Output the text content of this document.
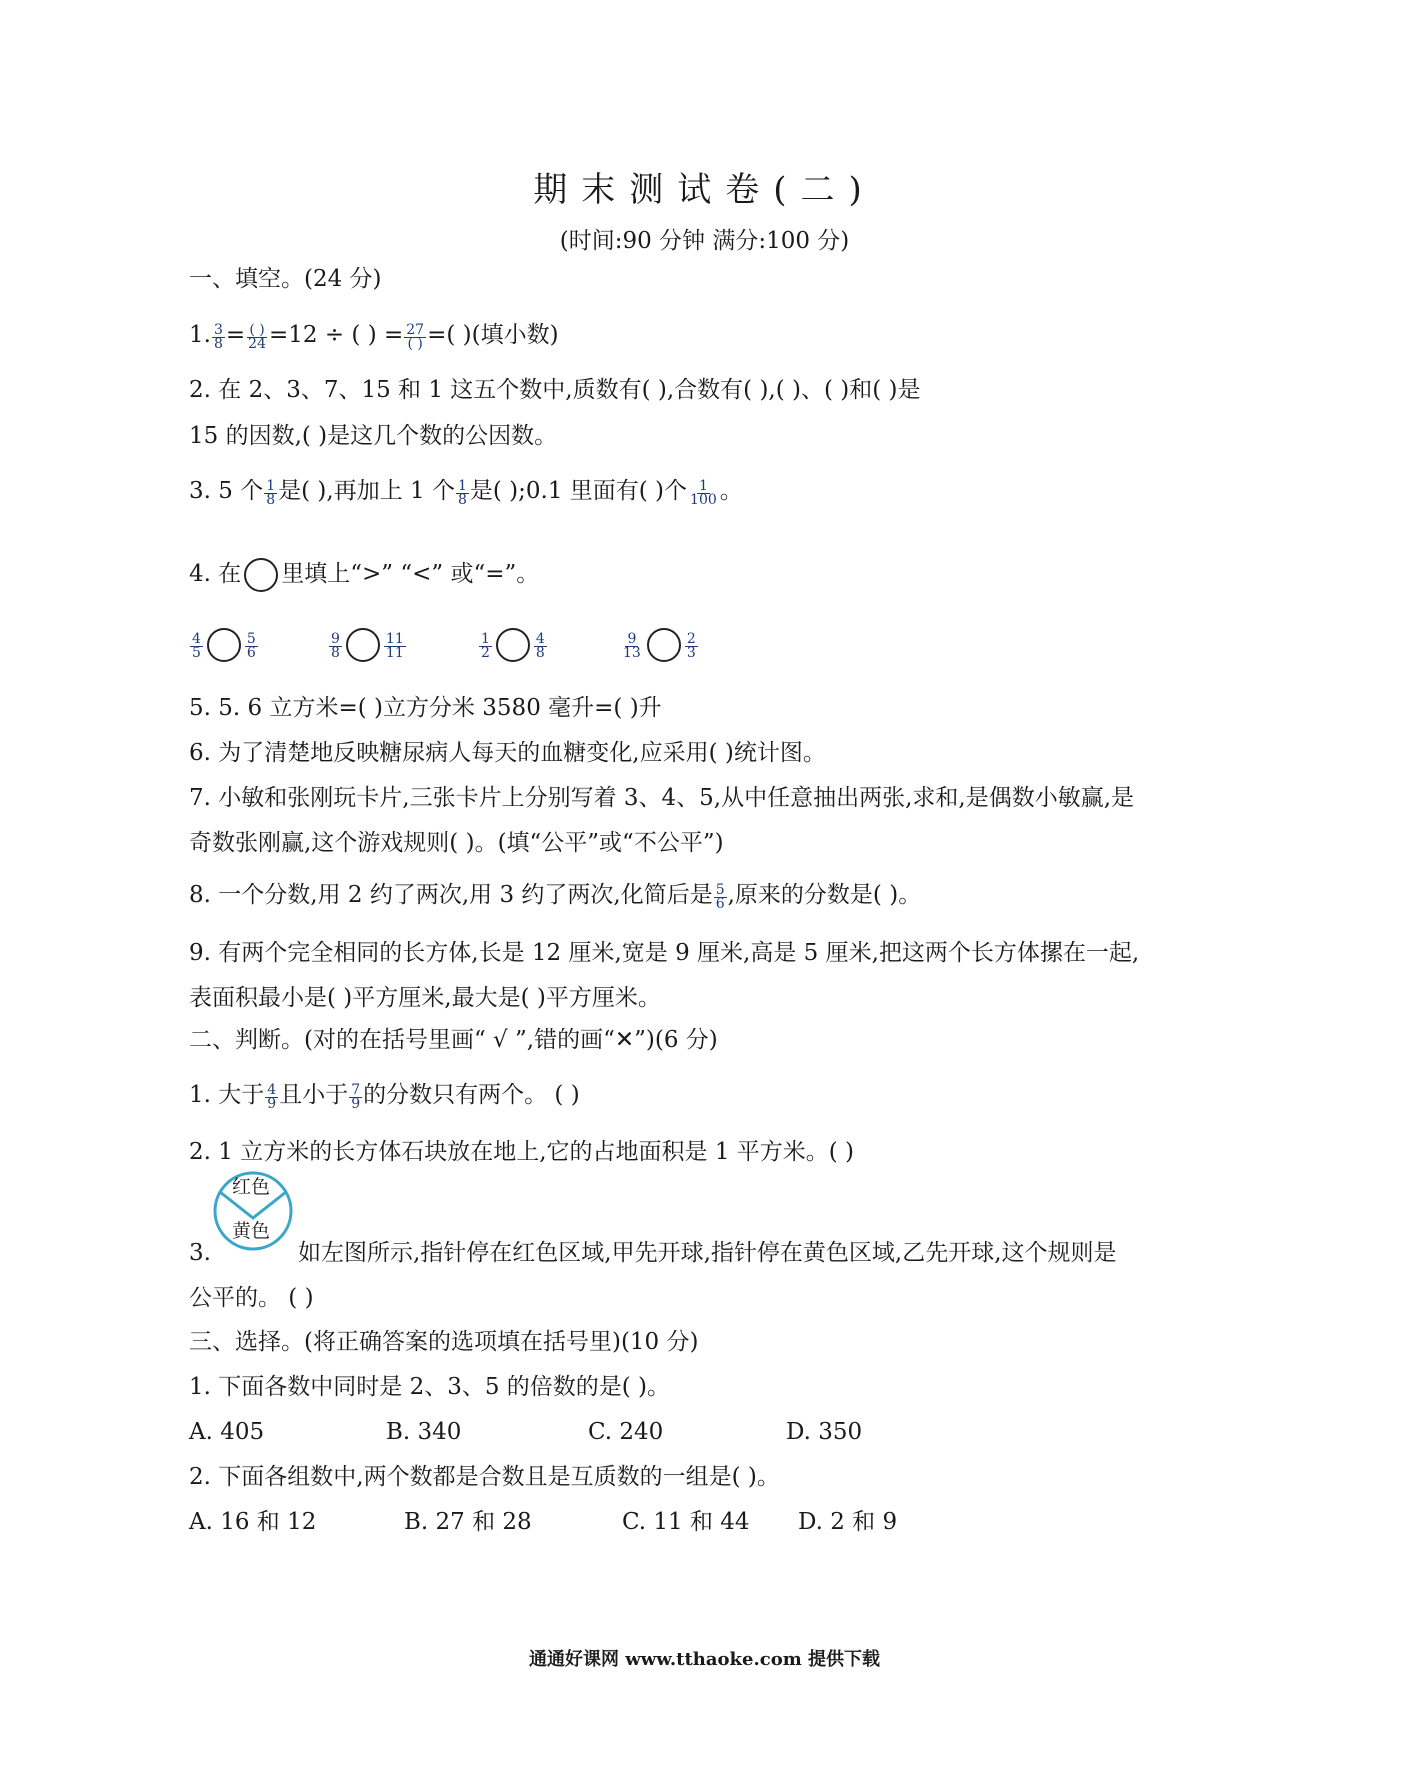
期末测试卷(二)
(时间:90 分钟 满分:100 分)
一、填空。(24 分)
1. $\frac{3}{8} = \frac{( )}{24} =12$ ÷ ( ) = $\frac{27}{( )}$ =( )(填小数)
2. 在 2、3、7、15 和 1 这五个数中,质数有( ),合数有( ),( )、( )和( )是
15 的因数,( )是这几个数的公因数。
3. 5 个 $\frac{1}{8}$ 是( ),再加上 1 个 $\frac{1}{8}$ 是( );0.1 里面有( )个 $\frac{1}{100}$ 。
4. 在 里填上“>” “<” 或“=”。
$\frac{4}{5}$	$\frac{5}{6}$	$\frac{9}{8}$	$\frac{11}{11}$	$\frac{1}{2}$	$\frac{4}{8}$	$\frac{9}{13}$	$\frac{2}{3}$
5. 5. 6 立方米=( )立方分米 3580 毫升=( )升
6. 为了清楚地反映糖尿病人每天的血糖变化,应采用( )统计图。
7. 小敏和张刚玩卡片,三张卡片上分别写着 3、4、5,从中任意抽出两张,求和,是偶数小敏赢,是
奇数张刚赢,这个游戏规则( )。(填“公平”或“不公平”)
8. 一个分数,用 2 约了两次,用 3 约了两次,化简后是 $\frac{5}{6}$ ,原来的分数是( )。
9. 有两个完全相同的长方体,长是 12 厘米,宽是 9 厘米,高是 5 厘米,把这两个长方体摞在一起,
表面积最小是( )平方厘米,最大是( )平方厘米。
二、判断。(对的在括号里画“ √ ”,错的画“✕”)(6 分)
1. 大于 $\frac{4}{9}$ 且小于 $\frac{7}{9}$ 的分数只有两个。 ( )
2. 1 立方米的长方体石块放在地上,它的占地面积是 1 平方米。( )
3.
红色
黄色
如左图所示,指针停在红色区域,甲先开球,指针停在黄色区域,乙先开球,这个规则是
公平的。 ( )
三、选择。(将正确答案的选项填在括号里)(10 分)
1. 下面各数中同时是 2、3、5 的倍数的是( )。
A. 405	B. 340	C. 240	D. 350
2. 下面各组数中,两个数都是合数且是互质数的一组是( )。
A. 16 和 12	B. 27 和 28	C. 11 和 44 D. 2 和 9
通通好课网 www.tthaoke.com 提供下载
